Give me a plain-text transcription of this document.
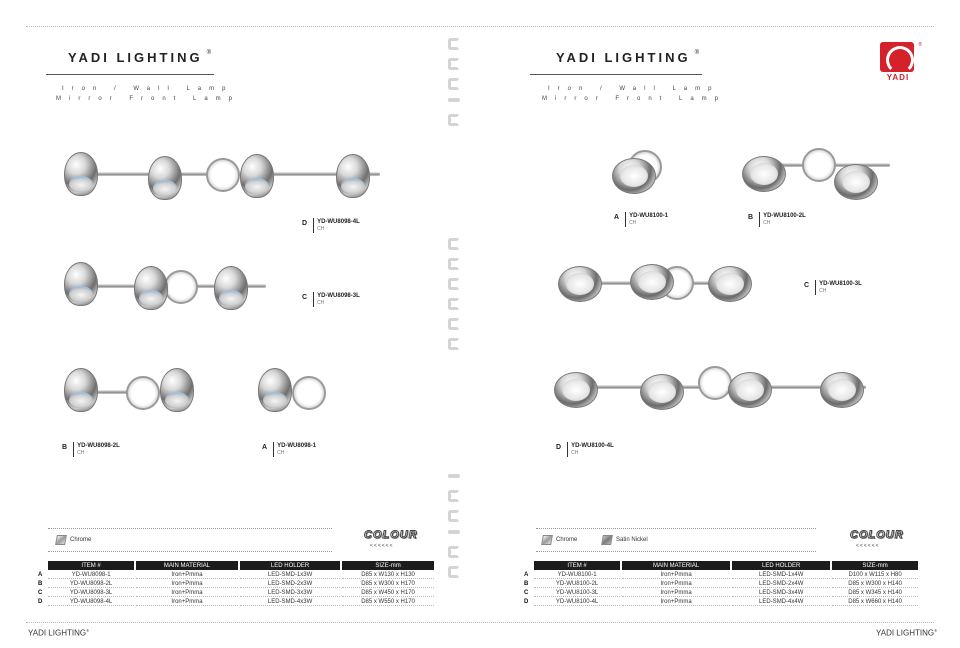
YADI LIGHTING ®
Iron / Wall Lamp
Mirror Front Lamp
D YD-WU8098-4L
CH
C YD-WU8098-3L
CH
B YD-WU8098-2L
CH
A YD-WU8098-1
CH
Chrome	COLOUR
<<<<<<
	ITEM #	MAIN MATERIAL	LED HOLDER	SIZE-mm
A	YD-WU8098-1	Iron+Pmma	LED-SMD-1x3W	D85 x W130 x H130
B	YD-WU8098-2L	Iron+Pmma	LED-SMD-2x3W	D85 x W300 x H170
C	YD-WU8098-3L	Iron+Pmma	LED-SMD-3x3W	D85 x W450 x H170
D	YD-WU8098-4L	Iron+Pmma	LED-SMD-4x3W	D85 x W550 x H170
YADI LIGHTING®
YADI LIGHTING ®
Iron / Wall Lamp
Mirror Front Lamp
A YD-WU8100-1
CH
B YD-WU8100-2L
CH
C YD-WU8100-3L
CH
D YD-WU8100-4L
CH
Chrome	Satin Nickel	COLOUR
<<<<<<
	ITEM #	MAIN MATERIAL	LED HOLDER	SIZE-mm
A	YD-WU8100-1	Iron+Pmma	LED-SMD-1x4W	D100 x W115 x H80
B	YD-WU8100-2L	Iron+Pmma	LED-SMD-2x4W	D85 x W300 x H140
C	YD-WU8100-3L	Iron+Pmma	LED-SMD-3x4W	D85 x W345 x H140
D	YD-WU8100-4L	Iron+Pmma	LED-SMD-4x4W	D85 x W660 x H140
YADI LIGHTING®
YADI
®
